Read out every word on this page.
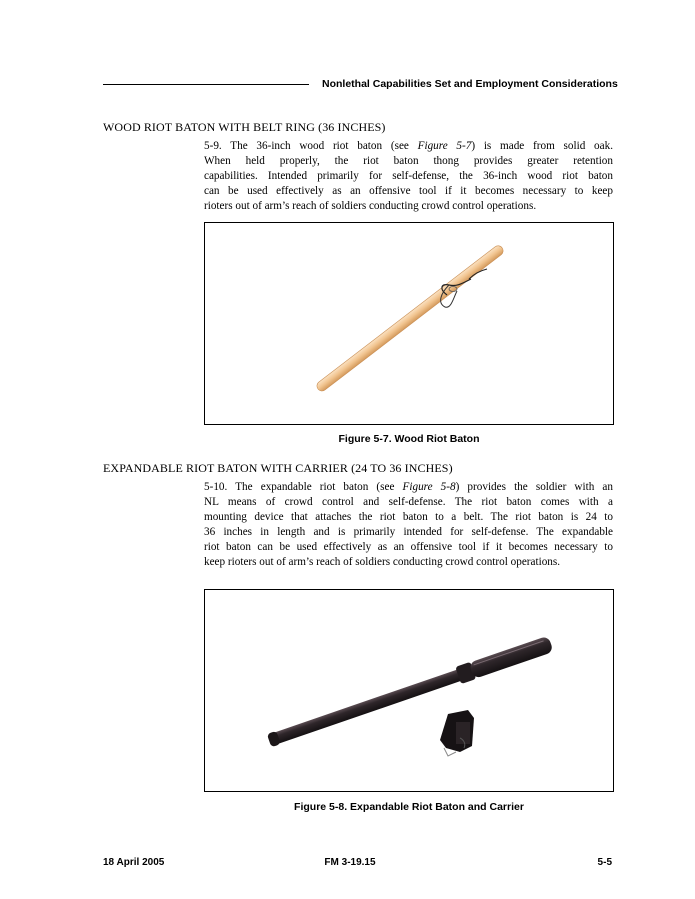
Nonlethal Capabilities Set and Employment Considerations
WOOD RIOT BATON WITH BELT RING (36 INCHES)
5-9. The 36-inch wood riot baton (see Figure 5-7) is made from solid oak.
When held properly, the riot baton thong provides greater retention
capabilities. Intended primarily for self-defense, the 36-inch wood riot baton
can be used effectively as an offensive tool if it becomes necessary to keep
rioters out of arm’s reach of soldiers conducting crowd control operations.
Figure 5-7. Wood Riot Baton
EXPANDABLE RIOT BATON WITH CARRIER (24 TO 36 INCHES)
5-10. The expandable riot baton (see Figure 5-8) provides the soldier with an
NL means of crowd control and self-defense. The riot baton comes with a
mounting device that attaches the riot baton to a belt. The riot baton is 24 to
36 inches in length and is primarily intended for self-defense. The expandable
riot baton can be used effectively as an offensive tool if it becomes necessary to
keep rioters out of arm’s reach of soldiers conducting crowd control operations.
Figure 5-8. Expandable Riot Baton and Carrier
18 April 2005	FM 3-19.15	5-5
